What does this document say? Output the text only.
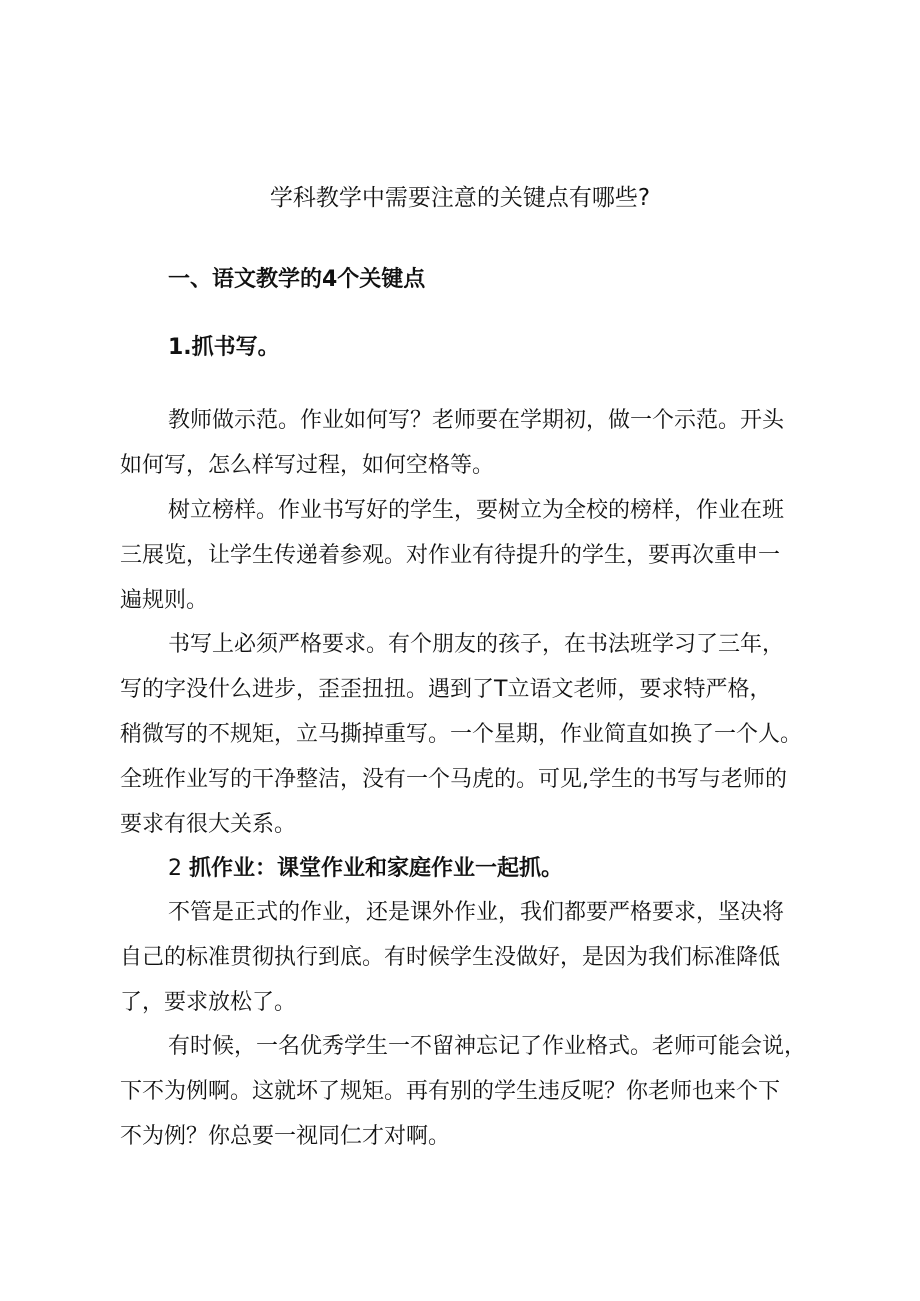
学科教学中需要注意的关键点有哪些?
一、语文教学的4个关键点
1.抓书写。
教师做示范。作业如何写？老师要在学期初，做一个示范。开头
如何写，怎么样写过程，如何空格等。
树立榜样。作业书写好的学生，要树立为全校的榜样，作业在班
三展览，让学生传递着参观。对作业有待提升的学生，要再次重申一
遍规则。
书写上必须严格要求。有个朋友的孩子，在书法班学习了三年，
写的字没什么进步，歪歪扭扭。遇到了T立语文老师，要求特严格，
稍微写的不规矩，立马撕掉重写。一个星期，作业简直如换了一个人。
全班作业写的干净整洁，没有一个马虎的。可见,学生的书写与老师的
要求有很大关系。
2 抓作业：课堂作业和家庭作业一起抓。
不管是正式的作业，还是课外作业，我们都要严格要求，坚决将
自己的标准贯彻执行到底。有时候学生没做好，是因为我们标准降低
了，要求放松了。
有时候，一名优秀学生一不留神忘记了作业格式。老师可能会说，
下不为例啊。这就坏了规矩。再有别的学生违反呢？你老师也来个下
不为例？你总要一视同仁才对啊。
